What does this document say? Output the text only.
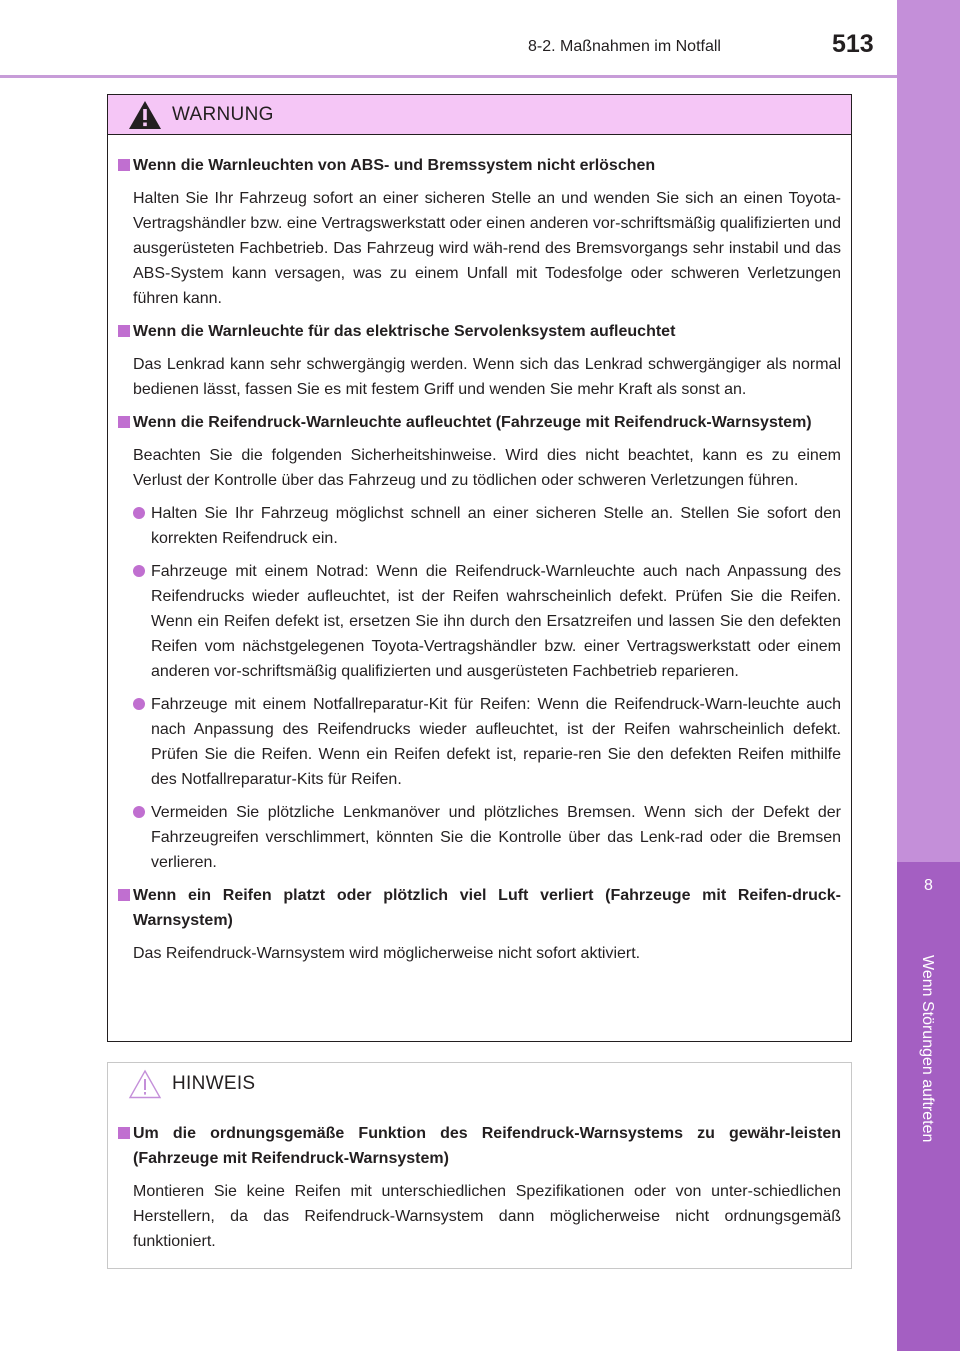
8-2. Maßnahmen im Notfall	513
8
Wenn Störungen auftreten
WARNUNG
Wenn die Warnleuchten von ABS- und Bremssystem nicht erlöschen
Halten Sie Ihr Fahrzeug sofort an einer sicheren Stelle an und wenden Sie sich an einen Toyota-Vertragshändler bzw. eine Vertragswerkstatt oder einen anderen vor-schriftsmäßig qualifizierten und ausgerüsteten Fachbetrieb. Das Fahrzeug wird wäh-rend des Bremsvorgangs sehr instabil und das ABS-System kann versagen, was zu einem Unfall mit Todesfolge oder schweren Verletzungen führen kann.
Wenn die Warnleuchte für das elektrische Servolenksystem aufleuchtet
Das Lenkrad kann sehr schwergängig werden. Wenn sich das Lenkrad schwergängiger als normal bedienen lässt, fassen Sie es mit festem Griff und wenden Sie mehr Kraft als sonst an.
Wenn die Reifendruck-Warnleuchte aufleuchtet (Fahrzeuge mit Reifendruck-Warnsystem)
Beachten Sie die folgenden Sicherheitshinweise. Wird dies nicht beachtet, kann es zu einem Verlust der Kontrolle über das Fahrzeug und zu tödlichen oder schweren Verletzungen führen.
Halten Sie Ihr Fahrzeug möglichst schnell an einer sicheren Stelle an. Stellen Sie sofort den korrekten Reifendruck ein.
Fahrzeuge mit einem Notrad: Wenn die Reifendruck-Warnleuchte auch nach Anpassung des Reifendrucks wieder aufleuchtet, ist der Reifen wahrscheinlich defekt. Prüfen Sie die Reifen. Wenn ein Reifen defekt ist, ersetzen Sie ihn durch den Ersatzreifen und lassen Sie den defekten Reifen vom nächstgelegenen Toyota-Vertragshändler bzw. einer Vertragswerkstatt oder einem anderen vor-schriftsmäßig qualifizierten und ausgerüsteten Fachbetrieb reparieren.
Fahrzeuge mit einem Notfallreparatur-Kit für Reifen: Wenn die Reifendruck-Warn-leuchte auch nach Anpassung des Reifendrucks wieder aufleuchtet, ist der Reifen wahrscheinlich defekt. Prüfen Sie die Reifen. Wenn ein Reifen defekt ist, reparie-ren Sie den defekten Reifen mithilfe des Notfallreparatur-Kits für Reifen.
Vermeiden Sie plötzliche Lenkmanöver und plötzliches Bremsen. Wenn sich der Defekt der Fahrzeugreifen verschlimmert, könnten Sie die Kontrolle über das Lenk-rad oder die Bremsen verlieren.
Wenn ein Reifen platzt oder plötzlich viel Luft verliert (Fahrzeuge mit Reifen-druck-Warnsystem)
Das Reifendruck-Warnsystem wird möglicherweise nicht sofort aktiviert.
HINWEIS
Um die ordnungsgemäße Funktion des Reifendruck-Warnsystems zu gewähr-leisten (Fahrzeuge mit Reifendruck-Warnsystem)
Montieren Sie keine Reifen mit unterschiedlichen Spezifikationen oder von unter-schiedlichen Herstellern, da das Reifendruck-Warnsystem dann möglicherweise nicht ordnungsgemäß funktioniert.
